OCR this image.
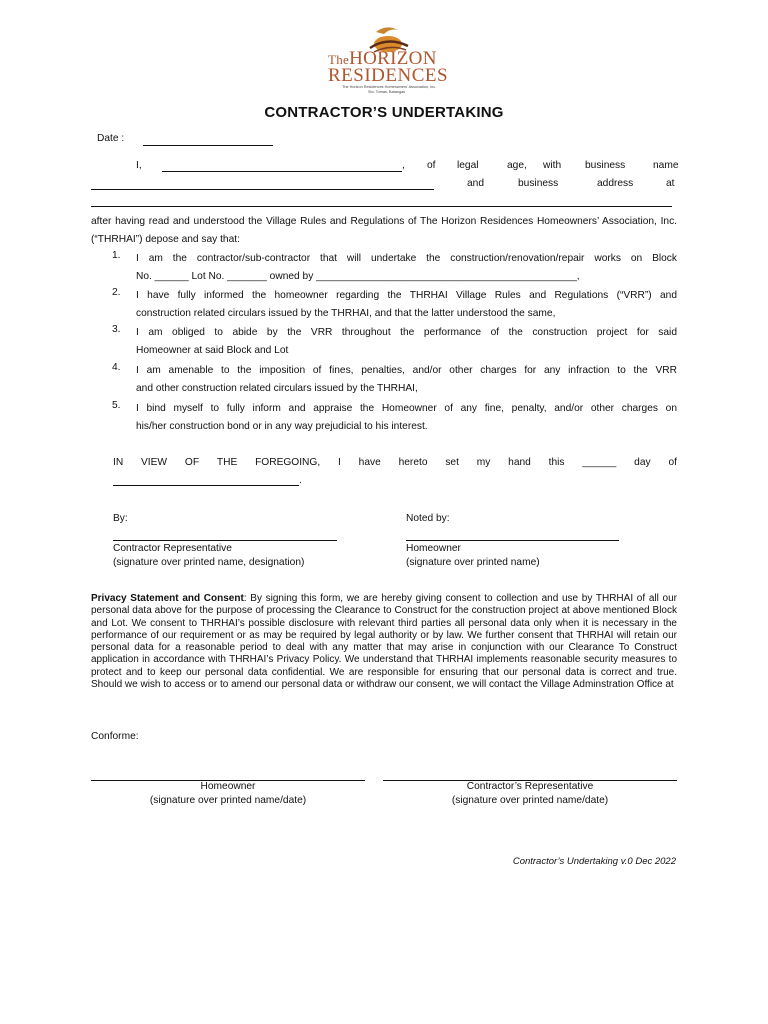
TheHORIZON
RESIDENCES
The Horizon Residences Homeowners' Association, Inc.
Sto. Tomas, Batangas
CONTRACTOR’S UNDERTAKING
Date :
I,	, of legal	age, with business	name
and	business	address	at
after having read and understood the Village Rules and Regulations of The Horizon Residences Homeowners’ Association, Inc. (“THRHAI”) depose and say that:
1. I am the contractor/sub-contractor that will undertake the construction/renovation/repair works on Block
No. ______ Lot No. _______ owned by ______________________________________________,
2. I have fully informed the homeowner regarding the THRHAI Village Rules and Regulations (“VRR”) and
construction related circulars issued by the THRHAI, and that the latter understood the same,
3. I am obliged to abide by the VRR throughout the performance of the construction project for said
Homeowner at said Block and Lot
4. I am amenable to the imposition of fines, penalties, and/or other charges for any infraction to the VRR
and other construction related circulars issued by the THRHAI,
5. I bind myself to fully inform and appraise the Homeowner of any fine, penalty, and/or other charges on
his/her construction bond or in any way prejudicial to his interest.
IN VIEW OF THE FOREGOING, I have hereto set my hand this ______ day of
.
By:
Contractor Representative
(signature over printed name, designation)
Noted by:
Homeowner
(signature over printed name)
Privacy Statement and Consent: By signing this form, we are hereby giving consent to collection and use by THRHAI of all our personal data above for the purpose of processing the Clearance to Construct for the construction project at above mentioned Block and Lot. We consent to THRHAI’s possible disclosure with relevant third parties all personal data only when it is necessary in the performance of our requirement or as may be required by legal authority or by law. We further consent that THRHAI will retain our personal data for a reasonable period to deal with any matter that may arise in conjunction with our Clearance To Construct application in accordance with THRHAI’s Privacy Policy. We understand that THRHAI implements reasonable security measures to protect and to keep our personal data confidential. We are responsible for ensuring that our personal data is correct and true. Should we wish to access or to amend our personal data or withdraw our consent, we will contact the Village Adminstration Office at
Conforme:
Homeowner
(signature over printed name/date)
Contractor’s Representative
(signature over printed name/date)
Contractor’s Undertaking v.0 Dec 2022
